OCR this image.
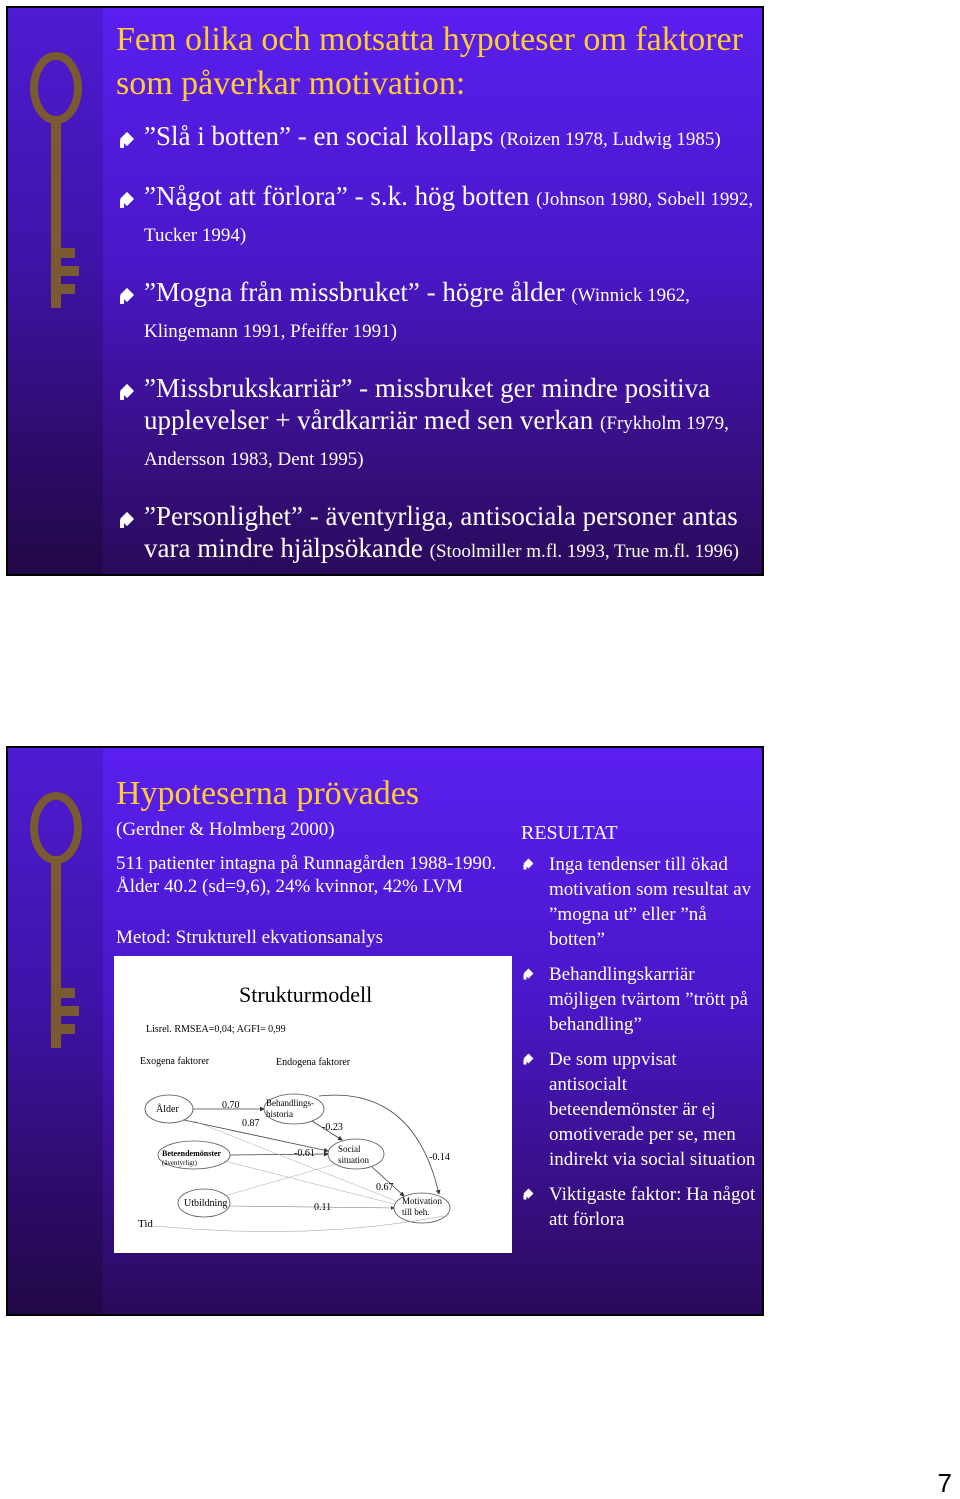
Fem olika och motsatta hypoteser om faktorer som påverkar motivation:
”Slå i botten” - en social kollaps (Roizen 1978, Ludwig 1985)
”Något att förlora” - s.k. hög botten (Johnson 1980, Sobell 1992, Tucker 1994)
”Mogna från missbruket” - högre ålder (Winnick 1962, Klingemann 1991, Pfeiffer 1991)
”Missbrukskarriär” - missbruket ger mindre positiva upplevelser + vårdkarriär med sen verkan (Frykholm 1979, Andersson 1983, Dent 1995)
”Personlighet” - äventyrliga, antisociala personer antas vara mindre hjälpsökande (Stoolmiller m.fl. 1993, True m.fl. 1996)
Hypoteserna prövades
(Gerdner & Holmberg 2000)
511 patienter intagna på Runnagården 1988-1990. Ålder 40.2 (sd=9,6), 24% kvinnor, 42% LVM
Metod: Strukturell ekvationsanalys
Strukturmodell
Lisrel. RMSEA=0,04; AGFI= 0,99
Exogena faktorer	Endogena faktorer
Ålder
Beteendemönster
(äventyrligt)
Utbildning
Behandlings-
historia
Social
situation
Motivation
till beh.
Tid
0.70
0.87	-0.23
-0.61	-0.14
0.67
0.11
RESULTAT
Inga tendenser till ökad motivation som resultat av ”mogna ut” eller ”nå botten”
Behandlingskarriär möjligen tvärtom ”trött på behandling”
De som uppvisat antisocialt beteendemönster är ej omotiverade per se, men indirekt via social situation
Viktigaste faktor: Ha något att förlora
7
